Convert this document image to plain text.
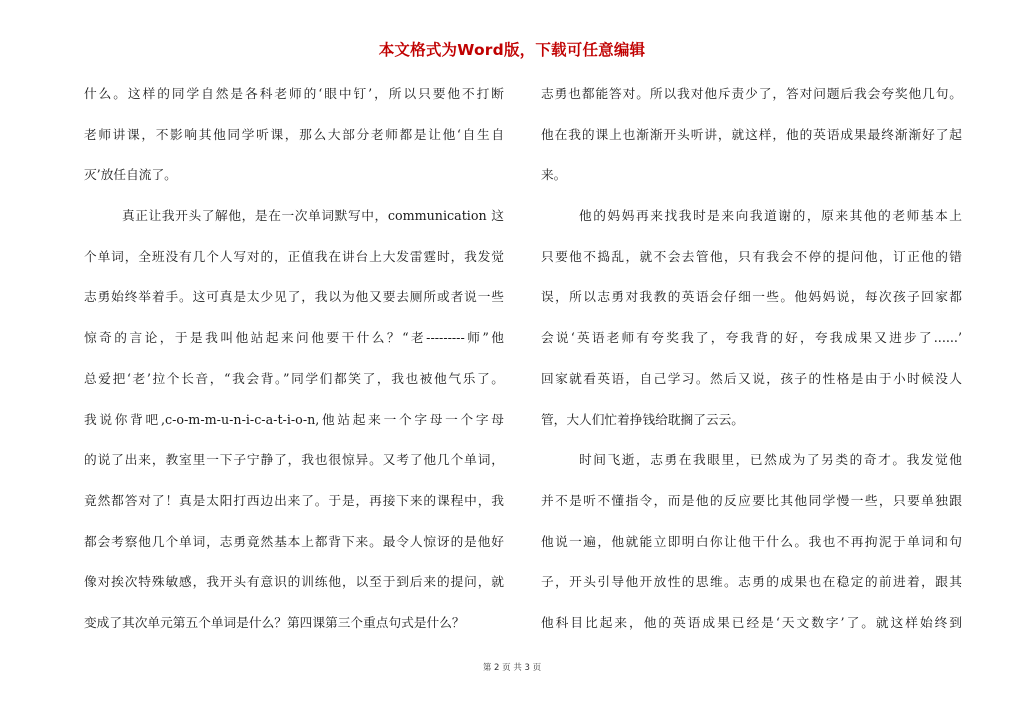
本文格式为Word版，下载可任意编辑
什么。这样的同学自然是各科老师的‘眼中钉’，所以只要他不打断
老师讲课，不影响其他同学听课，那么大部分老师都是让他‘自生自
灭’放任自流了。
真正让我开头了解他，是在一次单词默写中，communication 这
个单词，全班没有几个人写对的，正值我在讲台上大发雷霆时，我发觉
志勇始终举着手。这可真是太少见了，我以为他又要去厕所或者说一些
惊奇的言论，于是我叫他站起来问他要干什么？“老---------师”他
总爱把‘老’拉个长音，“我会背。”同学们都笑了，我也被他气乐了。
我说你背吧,c-o-m-m-u-n-i-c-a-t-i-o-n,他站起来一个字母一个字母
的说了出来，教室里一下子宁静了，我也很惊异。又考了他几个单词，
竟然都答对了！真是太阳打西边出来了。于是，再接下来的课程中，我
都会考察他几个单词，志勇竟然基本上都背下来。最令人惊讶的是他好
像对挨次特殊敏感，我开头有意识的训练他，以至于到后来的提问，就
变成了其次单元第五个单词是什么？第四课第三个重点句式是什么？
志勇也都能答对。所以我对他斥责少了，答对问题后我会夸奖他几句。
他在我的课上也渐渐开头听讲，就这样，他的英语成果最终渐渐好了起
来。
他的妈妈再来找我时是来向我道谢的，原来其他的老师基本上
只要他不捣乱，就不会去管他，只有我会不停的提问他，订正他的错
误，所以志勇对我教的英语会仔细一些。他妈妈说，每次孩子回家都
会说‘英语老师有夸奖我了，夸我背的好，夸我成果又进步了......’
回家就看英语，自己学习。然后又说，孩子的性格是由于小时候没人
管，大人们忙着挣钱给耽搁了云云。
时间飞逝，志勇在我眼里，已然成为了另类的奇才。我发觉他
并不是听不懂指令，而是他的反应要比其他同学慢一些，只要单独跟
他说一遍，他就能立即明白你让他干什么。我也不再拘泥于单词和句
子，开头引导他开放性的思维。志勇的成果也在稳定的前进着，跟其
他科目比起来，他的英语成果已经是‘天文数字’了。就这样始终到
第 2 页 共 3 页
